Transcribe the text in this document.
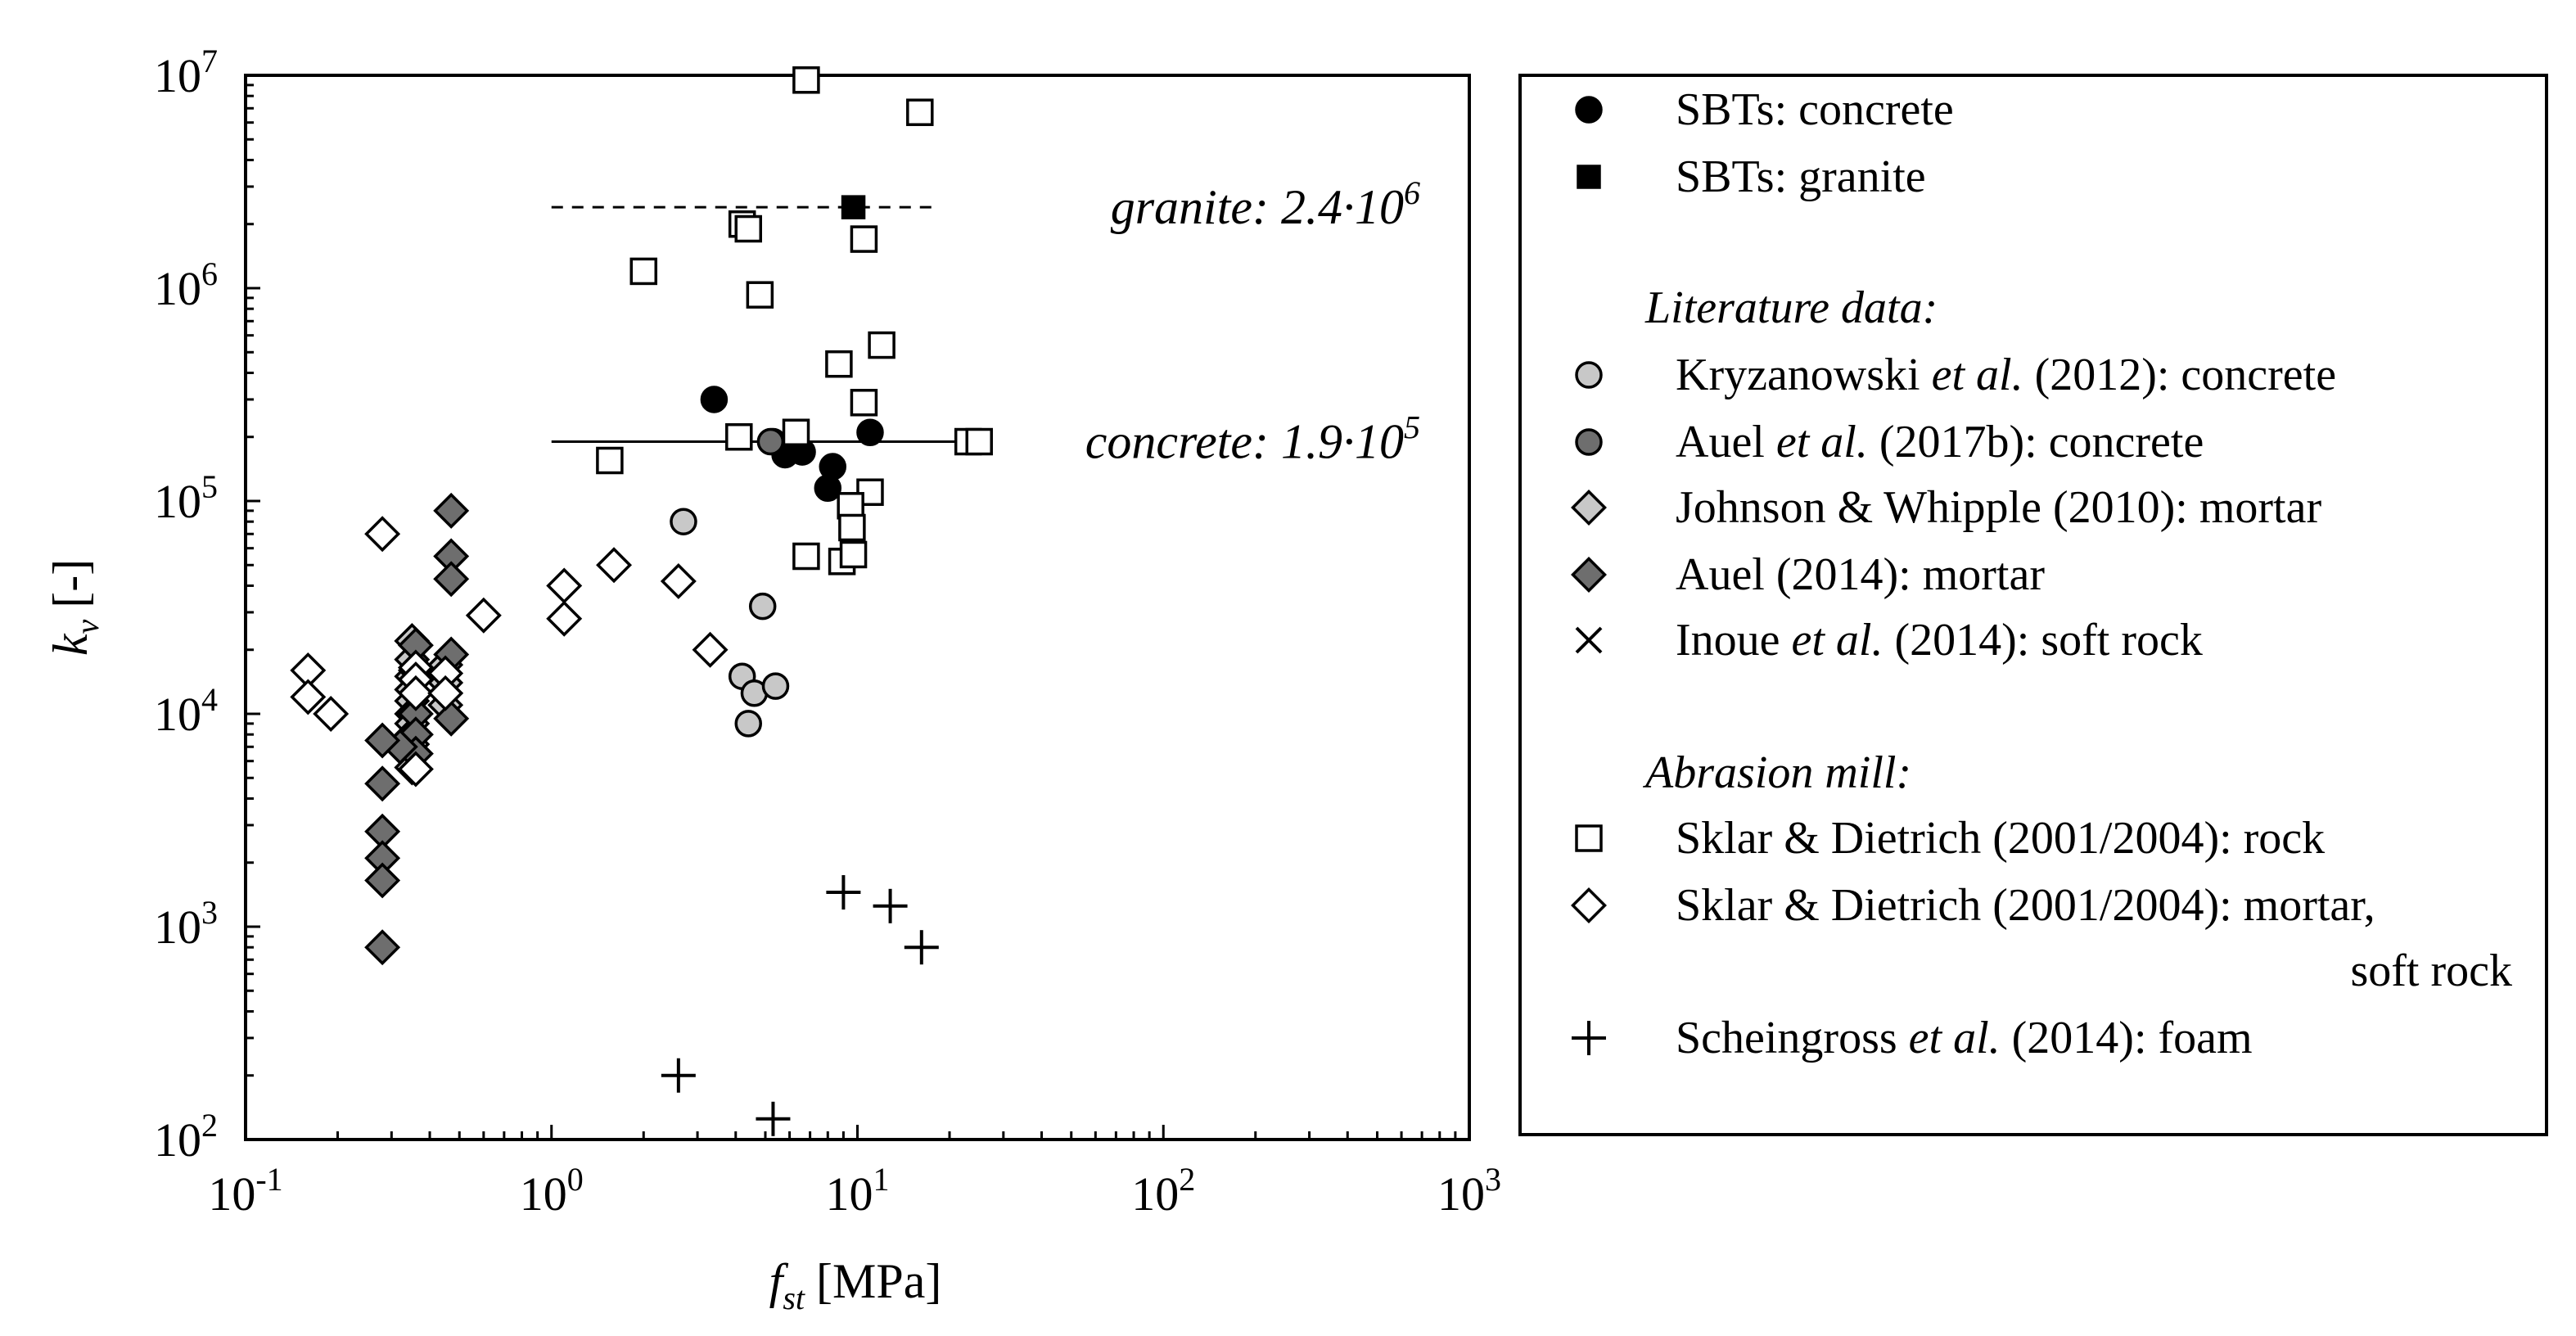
granite: $2.4\cdot 10^6$
concrete: $1.9\cdot 10^5$
$10^{-1}$	$10^0$	$10^1$	$10^2$	$10^3$
$10^2$
$10^3$
$10^4$
$10^5$
$10^6$
$10^7$
$f_{st}$ [MPa]
$k_v[-]$
SBTs: concrete
SBTs: granite
Literature data:
Kryzanowski et al. (2012): concrete
Auel et al. (2017b): concrete
Johnson & Whipple (2010): mortar
Auel (2014): mortar
Inoue et al. (2014): soft rock
Abrasion mill:
Sklar & Dietrich (2001/2004): rock
Sklar & Dietrich (2001/2004): mortar,
soft rock
Scheingross et al. (2014): foam
